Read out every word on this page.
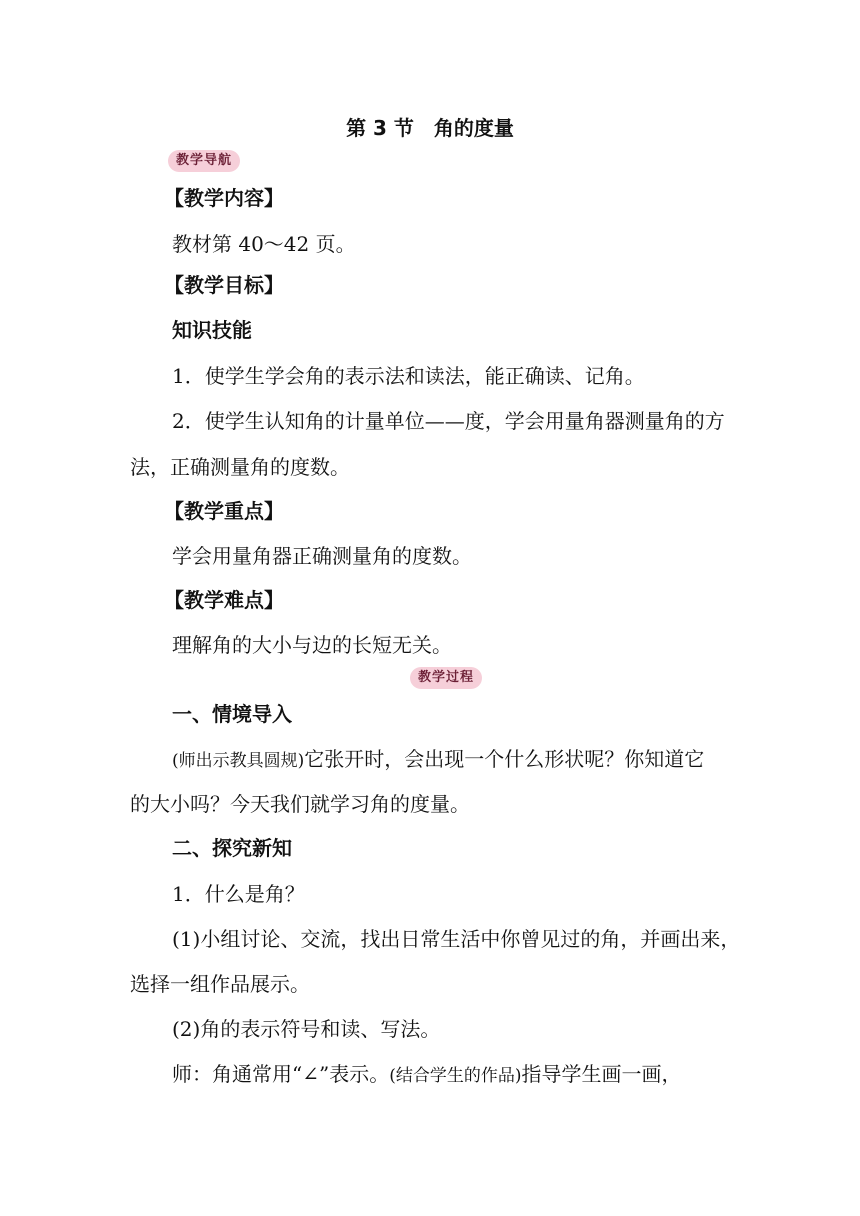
第 3 节　角的度量
教学导航
【教学内容】
教材第 40～42 页。
【教学目标】
知识技能
1．使学生学会角的表示法和读法，能正确读、记角。
2．使学生认知角的计量单位——度，学会用量角器测量角的方
法，正确测量角的度数。
【教学重点】
学会用量角器正确测量角的度数。
【教学难点】
理解角的大小与边的长短无关。
教学过程
一、情境导入
(师出示教具圆规)它张开时，会出现一个什么形状呢？你知道它
的大小吗？今天我们就学习角的度量。
二、探究新知
1．什么是角？
(1)小组讨论、交流，找出日常生活中你曾见过的角，并画出来，
选择一组作品展示。
(2)角的表示符号和读、写法。
师：角通常用“∠”表示。(结合学生的作品)指导学生画一画，
